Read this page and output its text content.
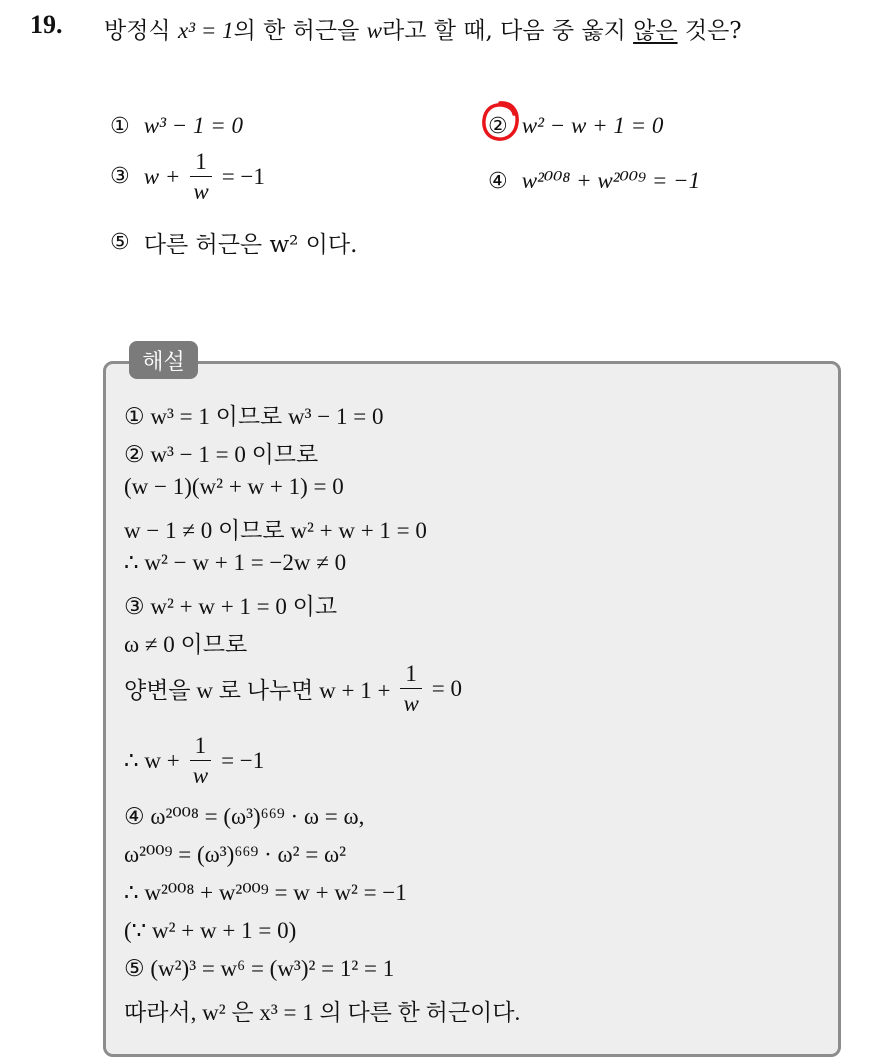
19. 방정식 x³ = 1의 한 허근을 w라고 할 때, 다음 중 옳지 않은 것은?
① w³ − 1 = 0	② w² − w + 1 = 0
③ $w + \frac{1}{w} = -1$	④ w²⁰⁰⁸ + w²⁰⁰⁹ = −1
⑤ 다른 허근은 w² 이다.
해설
① w³ = 1 이므로 w³ − 1 = 0
② w³ − 1 = 0 이므로
(w − 1)(w² + w + 1) = 0
w − 1 ≠ 0 이므로 w² + w + 1 = 0
∴ w² − w + 1 = −2w ≠ 0
③ w² + w + 1 = 0 이고
ω ≠ 0 이므로
양변을 w 로 나누면 $w + 1 + \frac{1}{w} = 0$
∴ $w + \frac{1}{w} = -1$
④ ω²⁰⁰⁸ = (ω³)⁶⁶⁹ · ω = ω,
ω²⁰⁰⁹ = (ω³)⁶⁶⁹ · ω² = ω²
∴ w²⁰⁰⁸ + w²⁰⁰⁹ = w + w² = −1
(∵ w² + w + 1 = 0)
⑤ (w²)³ = w⁶ = (w³)² = 1² = 1
따라서, w² 은 x³ = 1 의 다른 한 허근이다.
